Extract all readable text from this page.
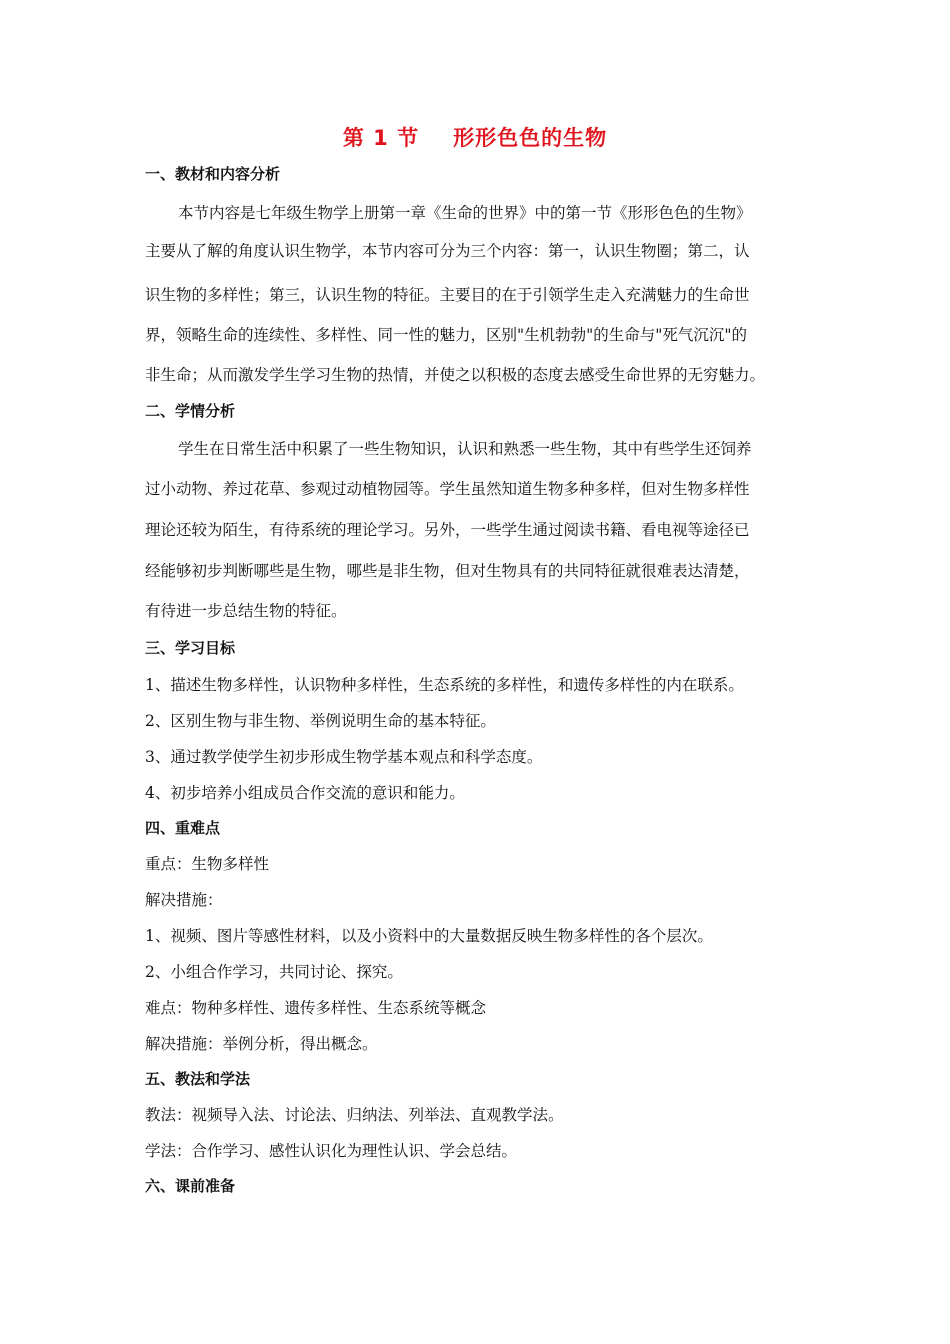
第 1 节 形形色色的生物
一、教材和内容分析
本节内容是七年级生物学上册第一章《生命的世界》中的第一节《形形色色的生物》
主要从了解的角度认识生物学，本节内容可分为三个内容：第一，认识生物圈；第二，认
识生物的多样性；第三，认识生物的特征。主要目的在于引领学生走入充满魅力的生命世
界，领略生命的连续性、多样性、同一性的魅力，区别"生机勃勃"的生命与"死气沉沉"的
非生命；从而激发学生学习生物的热情，并使之以积极的态度去感受生命世界的无穷魅力。
二、学情分析
学生在日常生活中积累了一些生物知识，认识和熟悉一些生物，其中有些学生还饲养
过小动物、养过花草、参观过动植物园等。学生虽然知道生物多种多样，但对生物多样性
理论还较为陌生，有待系统的理论学习。另外，一些学生通过阅读书籍、看电视等途径已
经能够初步判断哪些是生物，哪些是非生物，但对生物具有的共同特征就很难表达清楚，
有待进一步总结生物的特征。
三、学习目标
1、描述生物多样性，认识物种多样性，生态系统的多样性，和遗传多样性的内在联系。
2、区别生物与非生物、举例说明生命的基本特征。
3、通过教学使学生初步形成生物学基本观点和科学态度。
4、初步培养小组成员合作交流的意识和能力。
四、重难点
重点：生物多样性
解决措施：
1、视频、图片等感性材料，以及小资料中的大量数据反映生物多样性的各个层次。
2、小组合作学习，共同讨论、探究。
难点：物种多样性、遗传多样性、生态系统等概念
解决措施：举例分析，得出概念。
五、教法和学法
教法：视频导入法、讨论法、归纳法、列举法、直观教学法。
学法：合作学习、感性认识化为理性认识、学会总结。
六、课前准备
